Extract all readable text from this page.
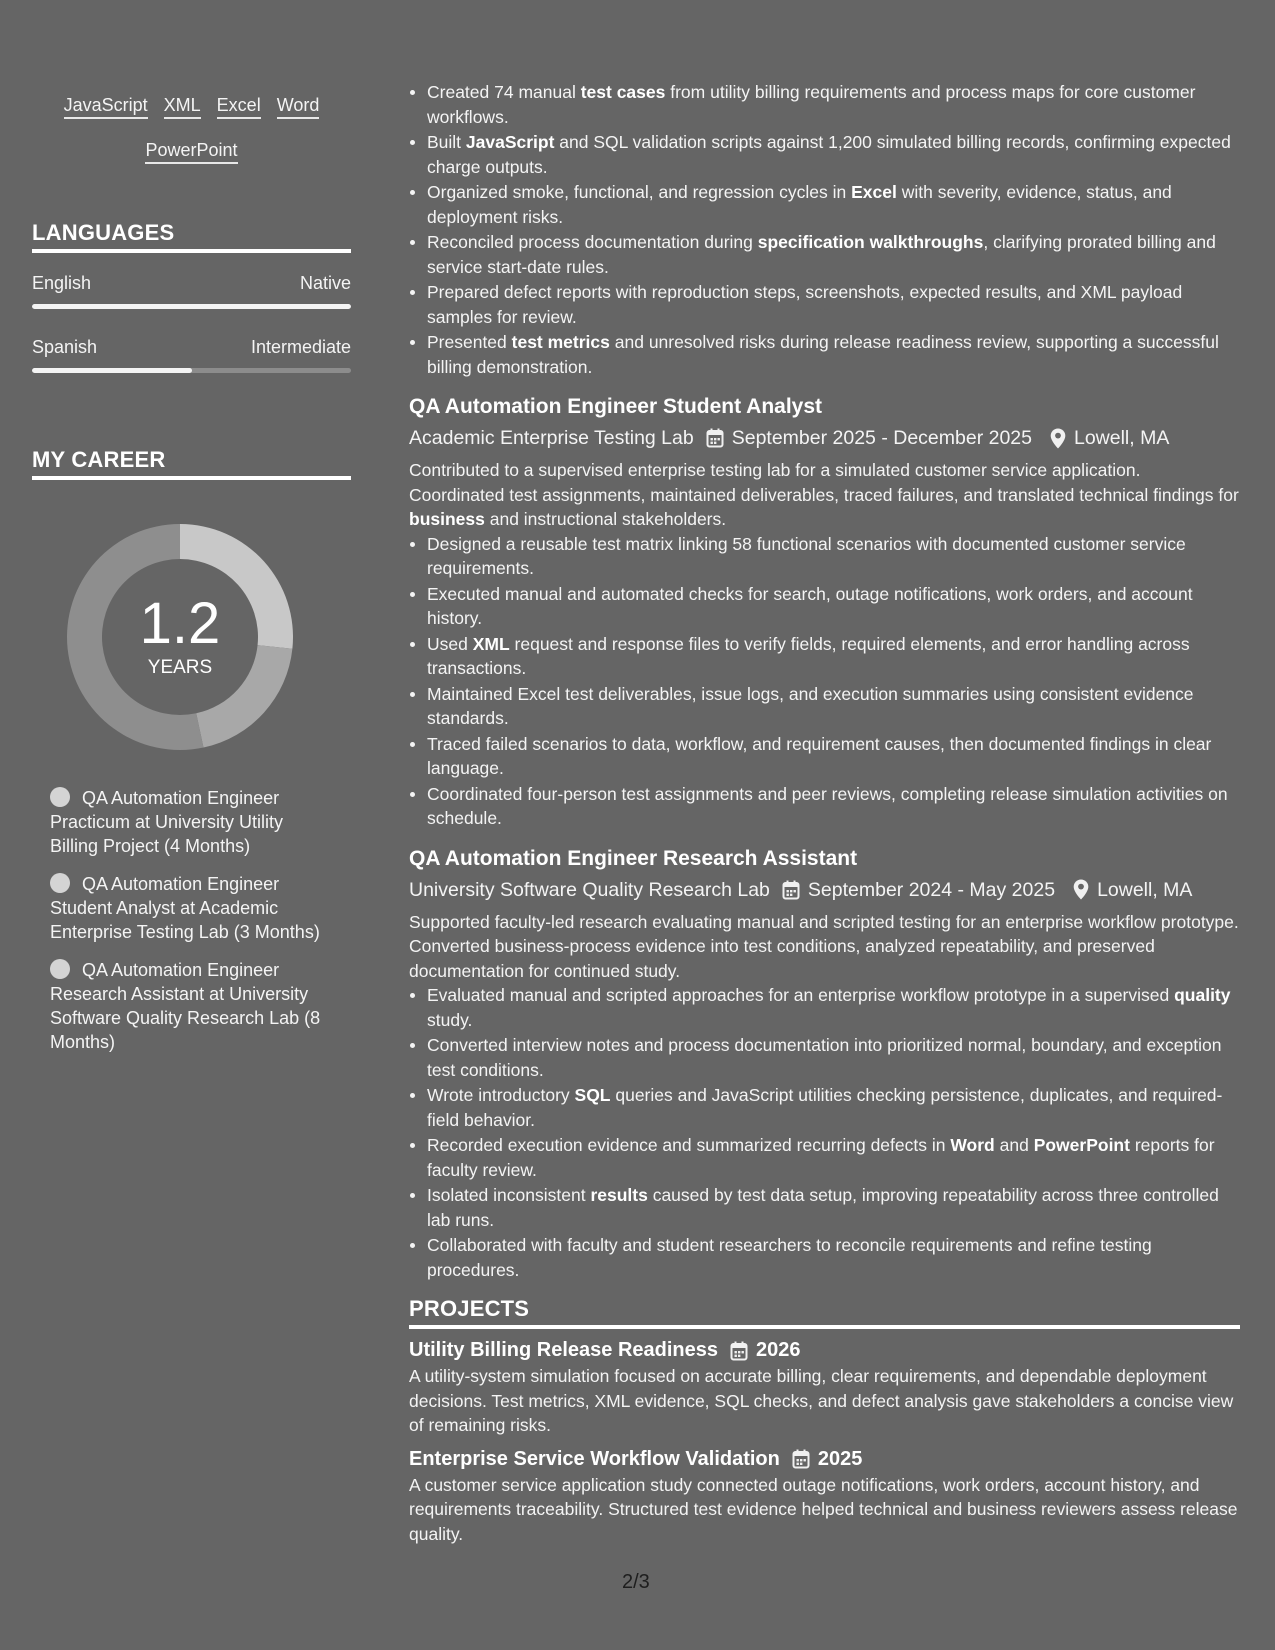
JavaScript XML Excel Word
PowerPoint
LANGUAGES
English	Native
Spanish	Intermediate
MY CAREER
1.2
YEARS
QA Automation Engineer Practicum at University Utility Billing Project (4 Months)
QA Automation Engineer Student Analyst at Academic Enterprise Testing Lab (3 Months)
QA Automation Engineer Research Assistant at University Software Quality Research Lab (8 Months)
Created 74 manual test cases from utility billing requirements and process maps for core customer workflows.
Built JavaScript and SQL validation scripts against 1,200 simulated billing records, confirming expected charge outputs.
Organized smoke, functional, and regression cycles in Excel with severity, evidence, status, and deployment risks.
Reconciled process documentation during specification walkthroughs, clarifying prorated billing and service start-date rules.
Prepared defect reports with reproduction steps, screenshots, expected results, and XML payload samples for review.
Presented test metrics and unresolved risks during release readiness review, supporting a successful billing demonstration.
QA Automation Engineer Student Analyst
Academic Enterprise Testing Lab September 2025 - December 2025 Lowell, MA
Contributed to a supervised enterprise testing lab for a simulated customer service application. Coordinated test assignments, maintained deliverables, traced failures, and translated technical findings for business and instructional stakeholders.
Designed a reusable test matrix linking 58 functional scenarios with documented customer service requirements.
Executed manual and automated checks for search, outage notifications, work orders, and account history.
Used XML request and response files to verify fields, required elements, and error handling across transactions.
Maintained Excel test deliverables, issue logs, and execution summaries using consistent evidence standards.
Traced failed scenarios to data, workflow, and requirement causes, then documented findings in clear language.
Coordinated four-person test assignments and peer reviews, completing release simulation activities on schedule.
QA Automation Engineer Research Assistant
University Software Quality Research Lab September 2024 - May 2025 Lowell, MA
Supported faculty-led research evaluating manual and scripted testing for an enterprise workflow prototype. Converted business-process evidence into test conditions, analyzed repeatability, and preserved documentation for continued study.
Evaluated manual and scripted approaches for an enterprise workflow prototype in a supervised quality study.
Converted interview notes and process documentation into prioritized normal, boundary, and exception test conditions.
Wrote introductory SQL queries and JavaScript utilities checking persistence, duplicates, and required-field behavior.
Recorded execution evidence and summarized recurring defects in Word and PowerPoint reports for faculty review.
Isolated inconsistent results caused by test data setup, improving repeatability across three controlled lab runs.
Collaborated with faculty and student researchers to reconcile requirements and refine testing procedures.
PROJECTS
Utility Billing Release Readiness 2026
A utility-system simulation focused on accurate billing, clear requirements, and dependable deployment decisions. Test metrics, XML evidence, SQL checks, and defect analysis gave stakeholders a concise view of remaining risks.
Enterprise Service Workflow Validation 2025
A customer service application study connected outage notifications, work orders, account history, and requirements traceability. Structured test evidence helped technical and business reviewers assess release quality.
2/3
